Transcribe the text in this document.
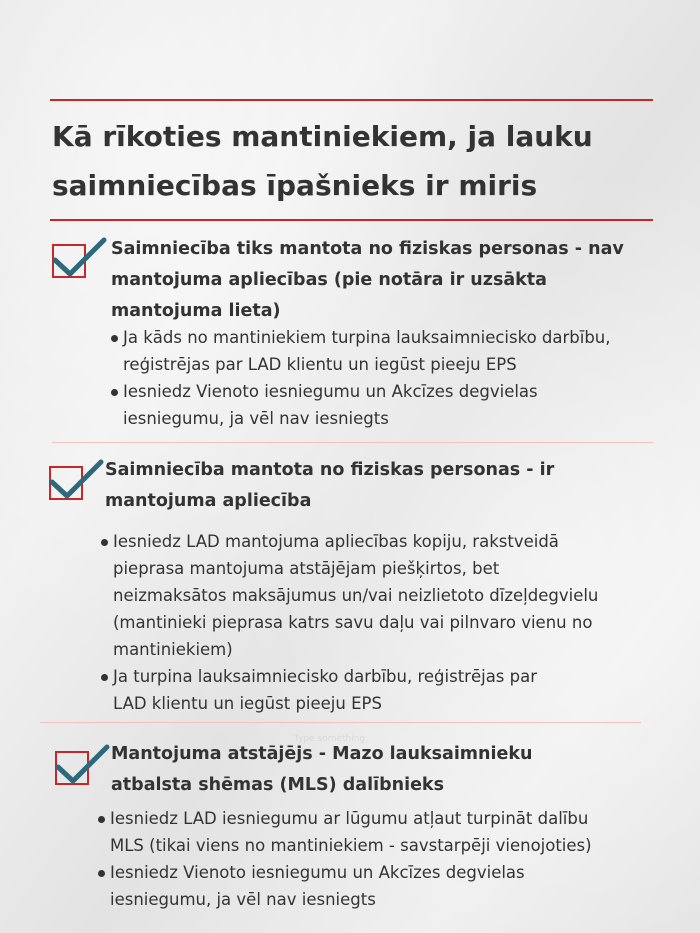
Kā rīkoties mantiniekiem, ja lauku saimniecības īpašnieks ir miris
Saimniecība tiks mantota no fiziskas personas - nav mantojuma apliecības (pie notāra ir uzsākta mantojuma lieta)
Ja kāds no mantiniekiem turpina lauksaimniecisko darbību, reģistrējas par LAD klientu un iegūst pieeju EPS
Iesniedz Vienoto iesniegumu un Akcīzes degvielas iesniegumu, ja vēl nav iesniegts
Saimniecība mantota no fiziskas personas - ir mantojuma apliecība
Iesniedz LAD mantojuma apliecības kopiju, rakstveidā pieprasa mantojuma atstājējam piešķirtos, bet neizmaksātos maksājumus un/vai neizlietoto dīzeļdegvielu (mantinieki pieprasa katrs savu daļu vai pilnvaro vienu no mantiniekiem)
Ja turpina lauksaimniecisko darbību, reģistrējas par LAD klientu un iegūst pieeju EPS
Type something
Mantojuma atstājējs - Mazo lauksaimnieku atbalsta shēmas (MLS) dalībnieks
Iesniedz LAD iesniegumu ar lūgumu atļaut turpināt dalību MLS (tikai viens no mantiniekiem - savstarpēji vienojoties)
Iesniedz Vienoto iesniegumu un Akcīzes degvielas iesniegumu, ja vēl nav iesniegts
